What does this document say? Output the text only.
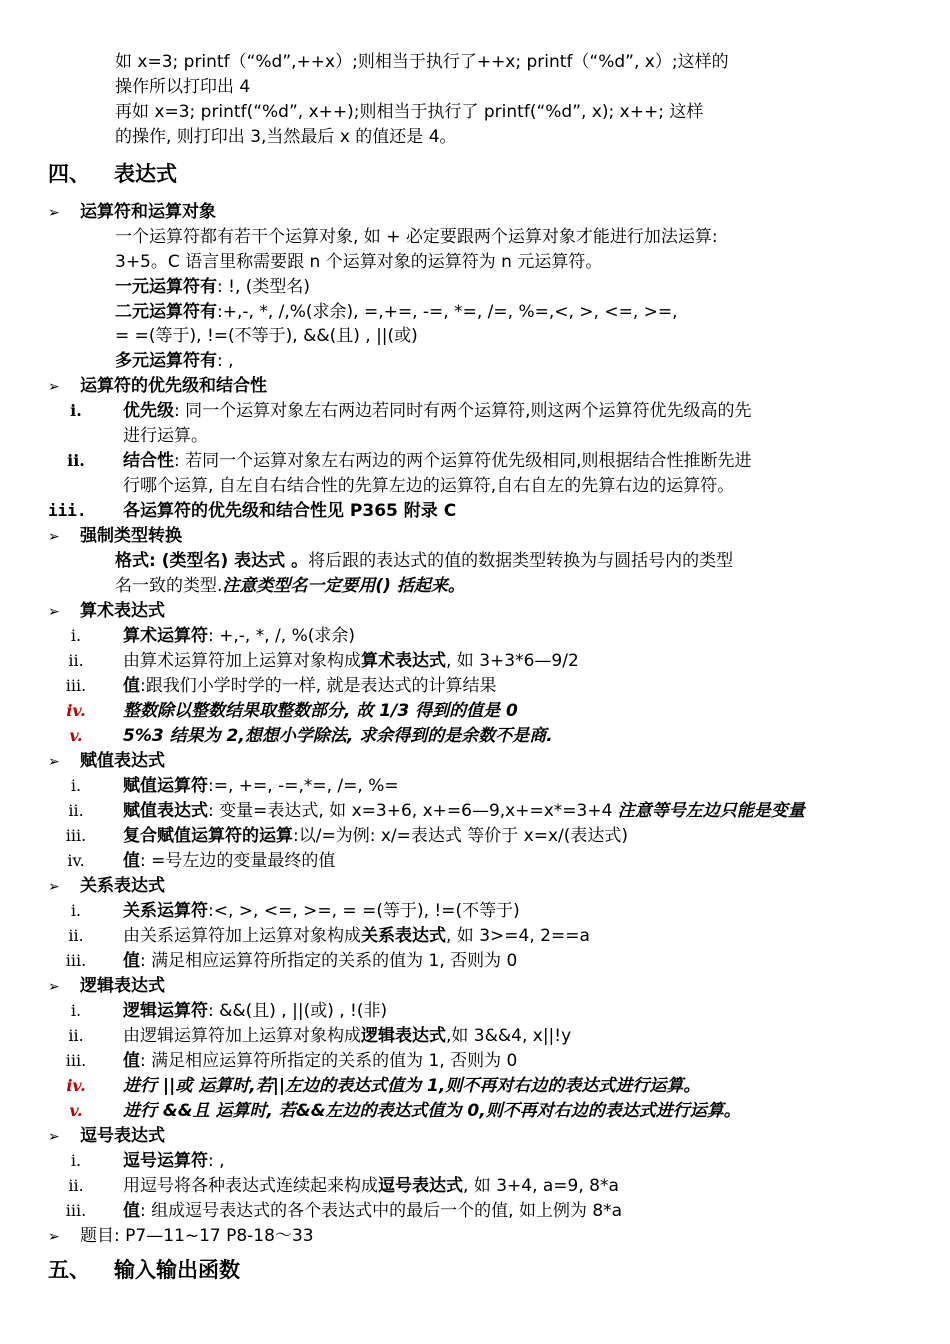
如 x=3; printf（“%d”,++x）;则相当于执行了++x; printf（“%d”, x）;这样的
操作所以打印出 4
再如 x=3; printf(“%d”, x++);则相当于执行了 printf(“%d”, x); x++; 这样
的操作, 则打印出 3,当然最后 x 的值还是 4。
四、 表达式
➢ 运算符和运算对象
一个运算符都有若干个运算对象, 如 + 必定要跟两个运算对象才能进行加法运算:
3+5。C 语言里称需要跟 n 个运算对象的运算符为 n 元运算符。
一元运算符有: !, (类型名)
二元运算符有:+,-, *, /,%(求余), =,+=, -=, *=, /=, %=,<, >, <=, >=,
= =(等于), !=(不等于), &&(且) , ||(或)
多元运算符有: ,
➢ 运算符的优先级和结合性
i.	优先级: 同一个运算对象左右两边若同时有两个运算符,则这两个运算符优先级高的先
进行运算。
ii.	结合性: 若同一个运算对象左右两边的两个运算符优先级相同,则根据结合性推断先进
行哪个运算, 自左自右结合性的先算左边的运算符,自右自左的先算右边的运算符。
iii. 各运算符的优先级和结合性见 P365 附录 C
➢ 强制类型转换
格式: (类型名) 表达式 。将后跟的表达式的值的数据类型转换为与圆括号内的类型
名一致的类型.注意类型名一定要用() 括起来。
➢ 算术表达式
i.	算术运算符: +,-, *, /, %(求余)
ii.	由算术运算符加上运算对象构成算术表达式, 如 3+3*6—9/2
iii.	值:跟我们小学时学的一样, 就是表达式的计算结果
iv.	整数除以整数结果取整数部分, 故 1/3 得到的值是 0
v.	5%3 结果为 2,想想小学除法, 求余得到的是余数不是商.
➢ 赋值表达式
i.	赋值运算符:=, +=, -=,*=, /=, %=
ii.	赋值表达式: 变量=表达式, 如 x=3+6, x+=6—9,x+=x*=3+4 注意等号左边只能是变量
iii.	复合赋值运算符的运算:以/=为例: x/=表达式 等价于 x=x/(表达式)
iv.	值: =号左边的变量最终的值
➢ 关系表达式
i.	关系运算符:<, >, <=, >=, = =(等于), !=(不等于)
ii.	由关系运算符加上运算对象构成关系表达式, 如 3>=4, 2==a
iii.	值: 满足相应运算符所指定的关系的值为 1, 否则为 0
➢ 逻辑表达式
i.	逻辑运算符: &&(且) , ||(或) , !(非)
ii.	由逻辑运算符加上运算对象构成逻辑表达式,如 3&&4, x||!y
iii.	值: 满足相应运算符所指定的关系的值为 1, 否则为 0
iv.	进行 ||或 运算时,若||左边的表达式值为 1,则不再对右边的表达式进行运算。
v.	进行 &&且 运算时, 若&&左边的表达式值为 0,则不再对右边的表达式进行运算。
➢ 逗号表达式
i.	逗号运算符: ,
ii.	用逗号将各种表达式连续起来构成逗号表达式, 如 3+4, a=9, 8*a
iii.	值: 组成逗号表达式的各个表达式中的最后一个的值, 如上例为 8*a
➢ 题目: P7—11~17 P8-18～33
五、 输入输出函数
